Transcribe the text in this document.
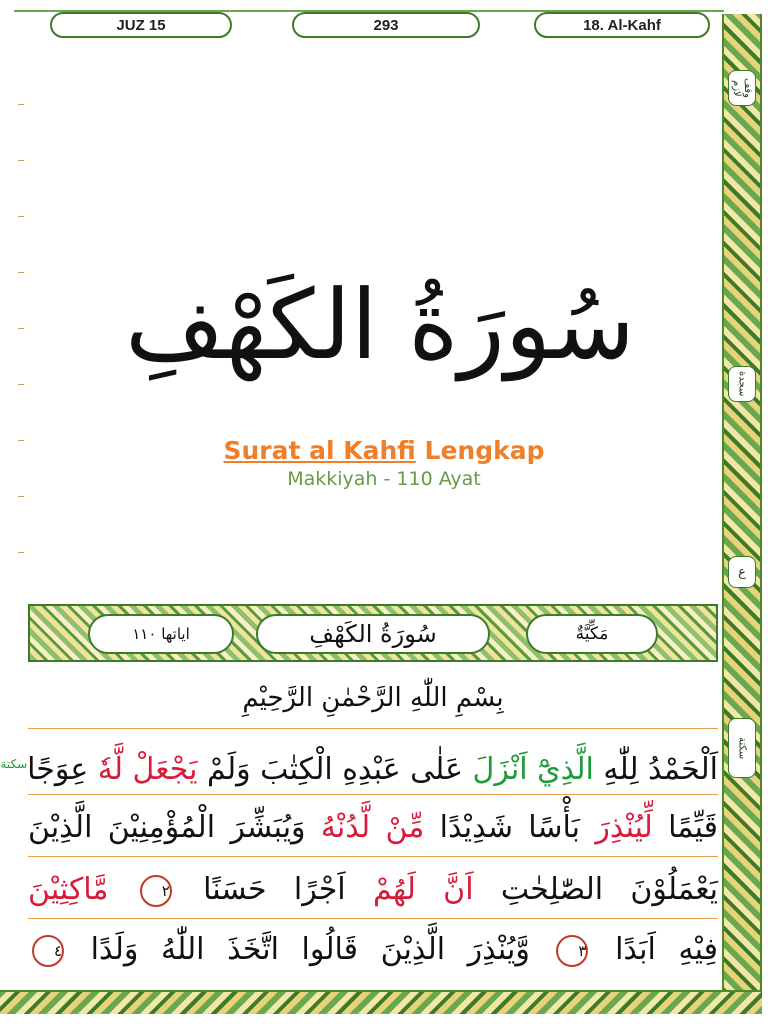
وقف لازم
سجدة
ع
سكتة
JUZ 15	293	18. Al-Kahf
سُورَةُ الكَهْفِ
Surat al Kahfi Lengkap
Makkiyah - 110 Ayat
اياتها ١١٠	سُورَةُ الكَهْفِ	مَكِّيَّةٌ
بِسْمِ اللّٰهِ الرَّحْمٰنِ الرَّحِيْمِ
اَلْحَمْدُ لِلّٰهِ الَّذِيْٓ اَنْزَلَ عَلٰى عَبْدِهِ الْكِتٰبَ وَلَمْ يَجْعَلْ لَّهٗ عِوَجًا$^{سكتة}$
قَيِّمًا لِّيُنْذِرَ بَأْسًا شَدِيْدًا مِّنْ لَّدُنْهُ وَيُبَشِّرَ الْمُؤْمِنِيْنَ الَّذِيْنَ
يَعْمَلُوْنَ الصّٰلِحٰتِ اَنَّ لَهُمْ اَجْرًا حَسَنًا ٢ مَّاكِثِيْنَ
فِيْهِ اَبَدًا ٣ وَّيُنْذِرَ الَّذِيْنَ قَالُوا اتَّخَذَ اللّٰهُ وَلَدًا ٤
